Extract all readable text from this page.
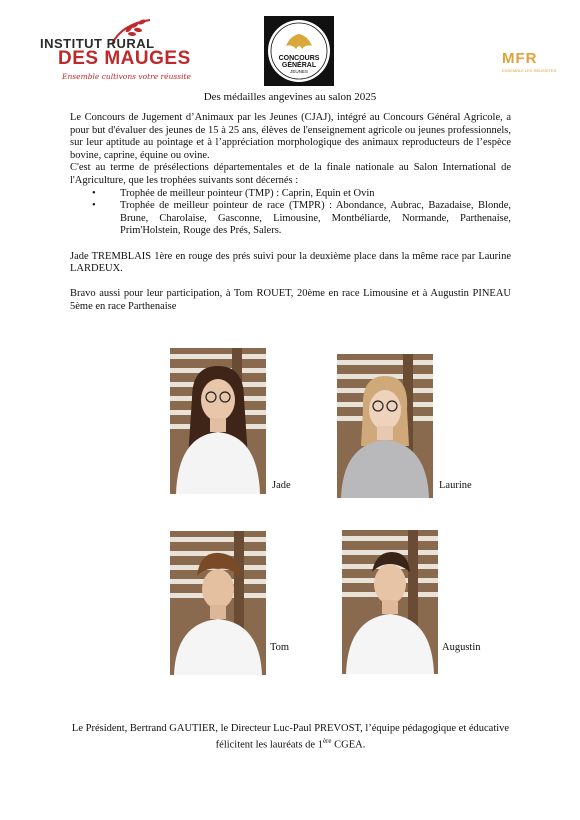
INSTITUT RURAL
DES MAUGES
Ensemble cultivons votre réussite
CONCOURS
GÉNÉRAL
JEUNES
MFR
ENSEMBLE LES RÉUSSITES
Des médailles angevines au salon 2025

Le Concours de Jugement d’Animaux par les Jeunes (CJAJ), intégré au Concours Général Agricole, a pour but d'évaluer des jeunes de 15 à 25 ans, élèves de l'enseignement agricole ou jeunes professionnels, sur leur aptitude au pointage et à l’appréciation morphologique des animaux reproducteurs de l’espèce bovine, caprine, équine ou ovine.

C'est au terme de présélections départementales et de la finale nationale au Salon International de l'Agriculture, que les trophées suivants sont décernés :

• Trophée de meilleur pointeur (TMP) : Caprin, Equin et Ovin
• Trophée de meilleur pointeur de race (TMPR) : Abondance, Aubrac, Bazadaise, Blonde, Brune, Charolaise, Gasconne, Limousine, Montbéliarde, Normande, Parthenaise, Prim'Holstein, Rouge des Prés, Salers.

Jade TREMBLAIS 1ère en rouge des prés suivi pour la deuxième place dans la même race par Laurine LARDEUX.

Bravo aussi pour leur participation, à Tom ROUET, 20ème en race Limousine et à Augustin PINEAU 5ème en race Parthenaise

Jade	Laurine
Tom	Augustin
Le Président, Bertrand GAUTIER, le Directeur Luc-Paul PREVOST, l’équipe pédagogique et éducative félicitent les lauréats de 1ère CGEA.
